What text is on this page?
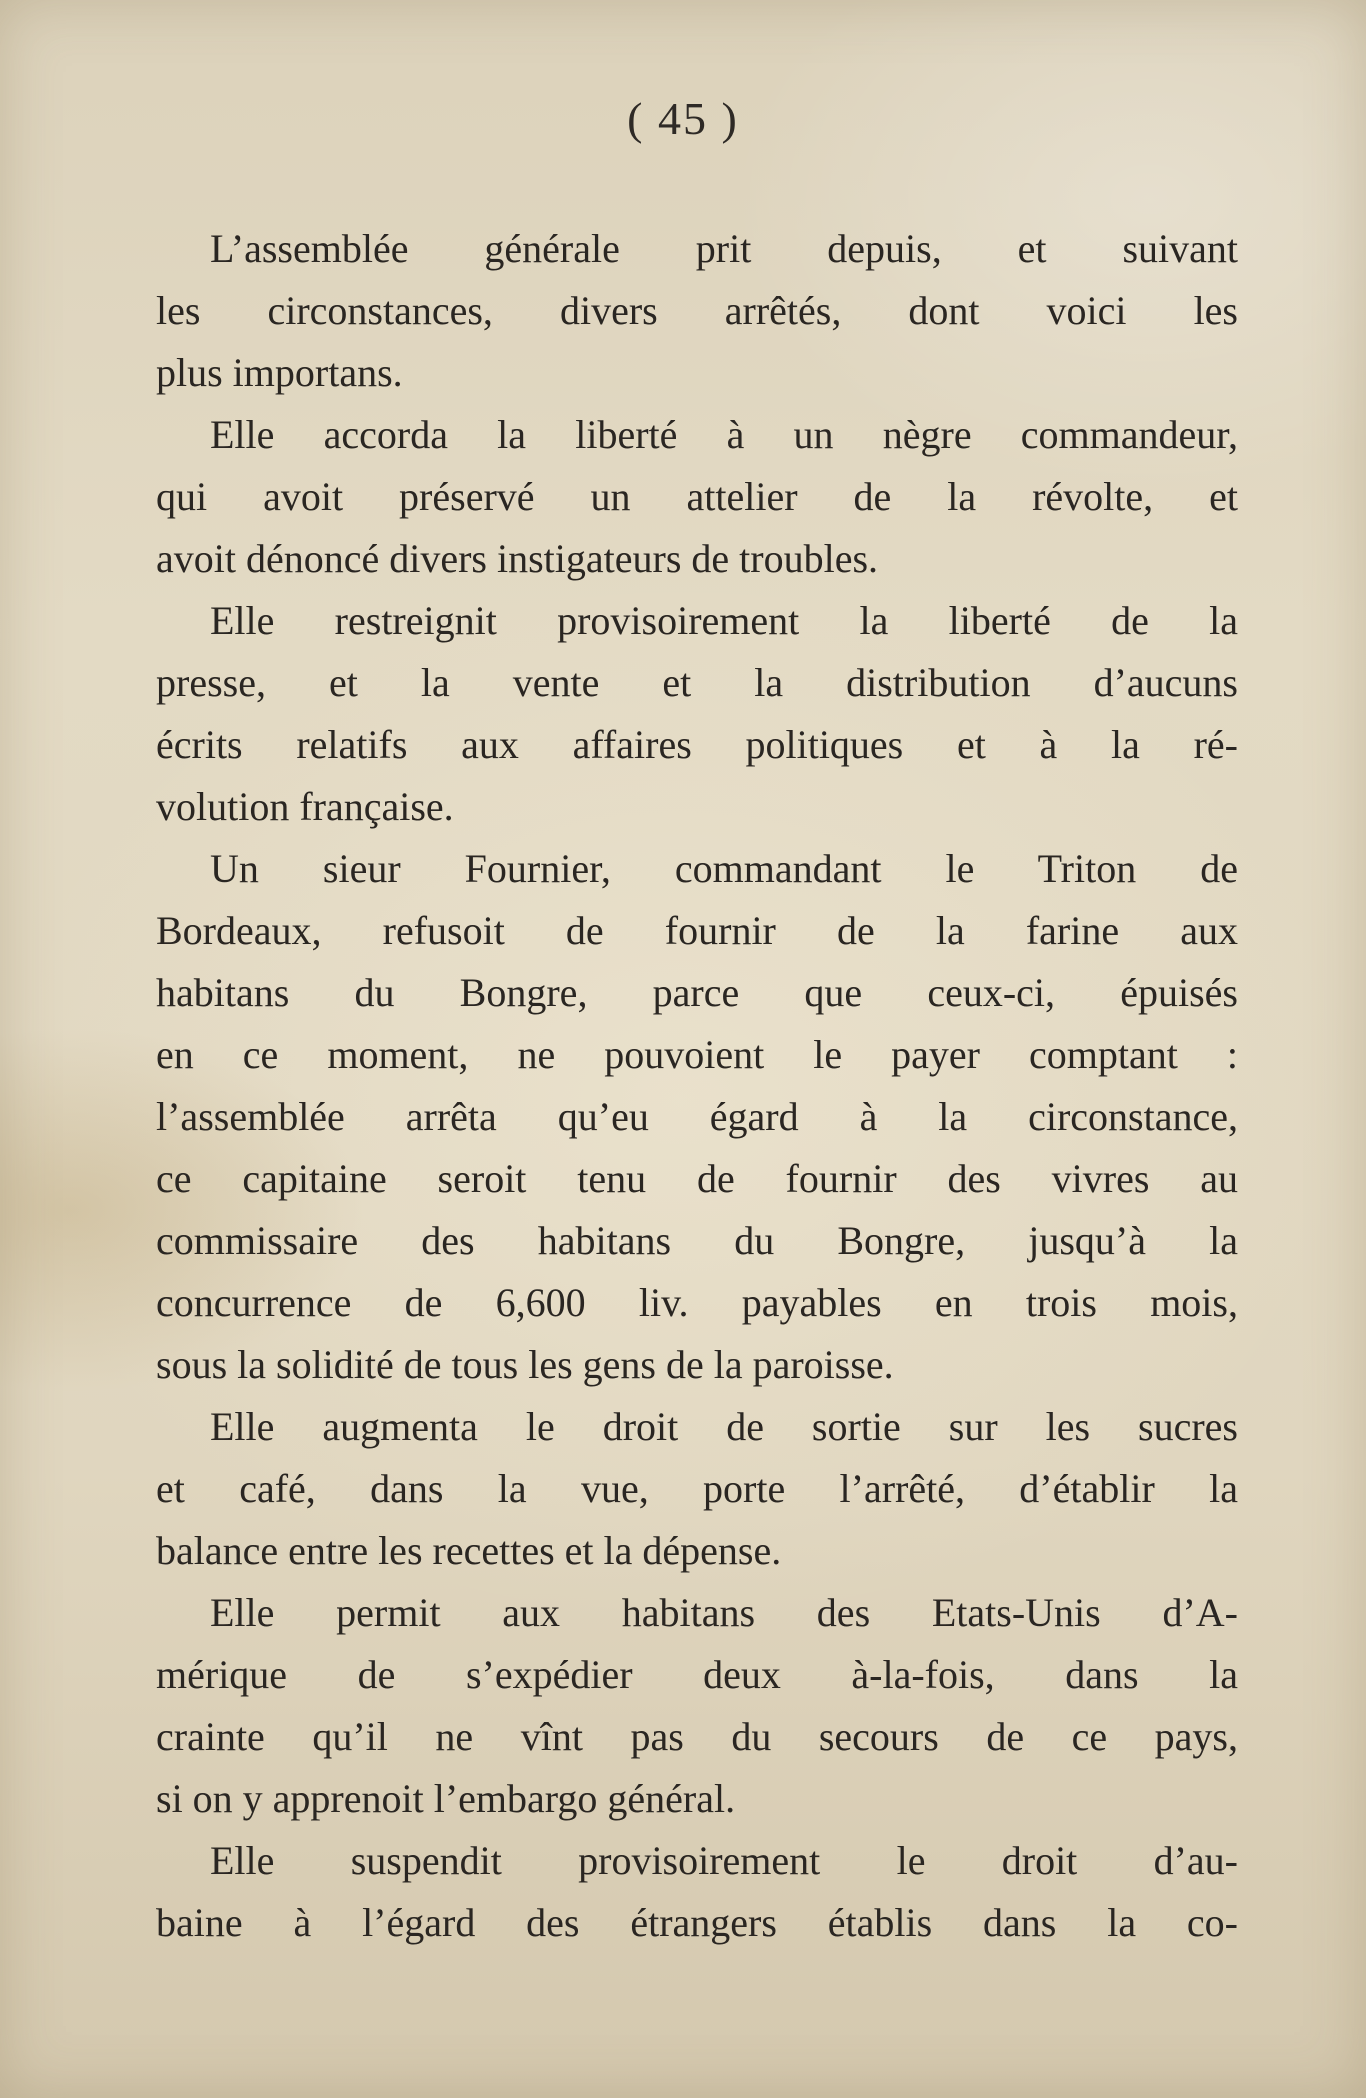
( 45 )
L’assemblée générale prit depuis, et suivant
les circonstances, divers arrêtés, dont voici les
plus importans.
Elle accorda la liberté à un nègre commandeur,
qui avoit préservé un attelier de la révolte, et
avoit dénoncé divers instigateurs de troubles.
Elle restreignit provisoirement la liberté de la
presse, et la vente et la distribution d’aucuns
écrits relatifs aux affaires politiques et à la ré-
volution française.
Un sieur Fournier, commandant le Triton de
Bordeaux, refusoit de fournir de la farine aux
habitans du Bongre, parce que ceux-ci, épuisés
en ce moment, ne pouvoient le payer comptant :
l’assemblée arrêta qu’eu égard à la circonstance,
ce capitaine seroit tenu de fournir des vivres au
commissaire des habitans du Bongre, jusqu’à la
concurrence de 6,600 liv. payables en trois mois,
sous la solidité de tous les gens de la paroisse.
Elle augmenta le droit de sortie sur les sucres
et café, dans la vue, porte l’arrêté, d’établir la
balance entre les recettes et la dépense.
Elle permit aux habitans des Etats-Unis d’A-
mérique de s’expédier deux à-la-fois, dans la
crainte qu’il ne vînt pas du secours de ce pays,
si on y apprenoit l’embargo général.
Elle suspendit provisoirement le droit d’au-
baine à l’égard des étrangers établis dans la co-
